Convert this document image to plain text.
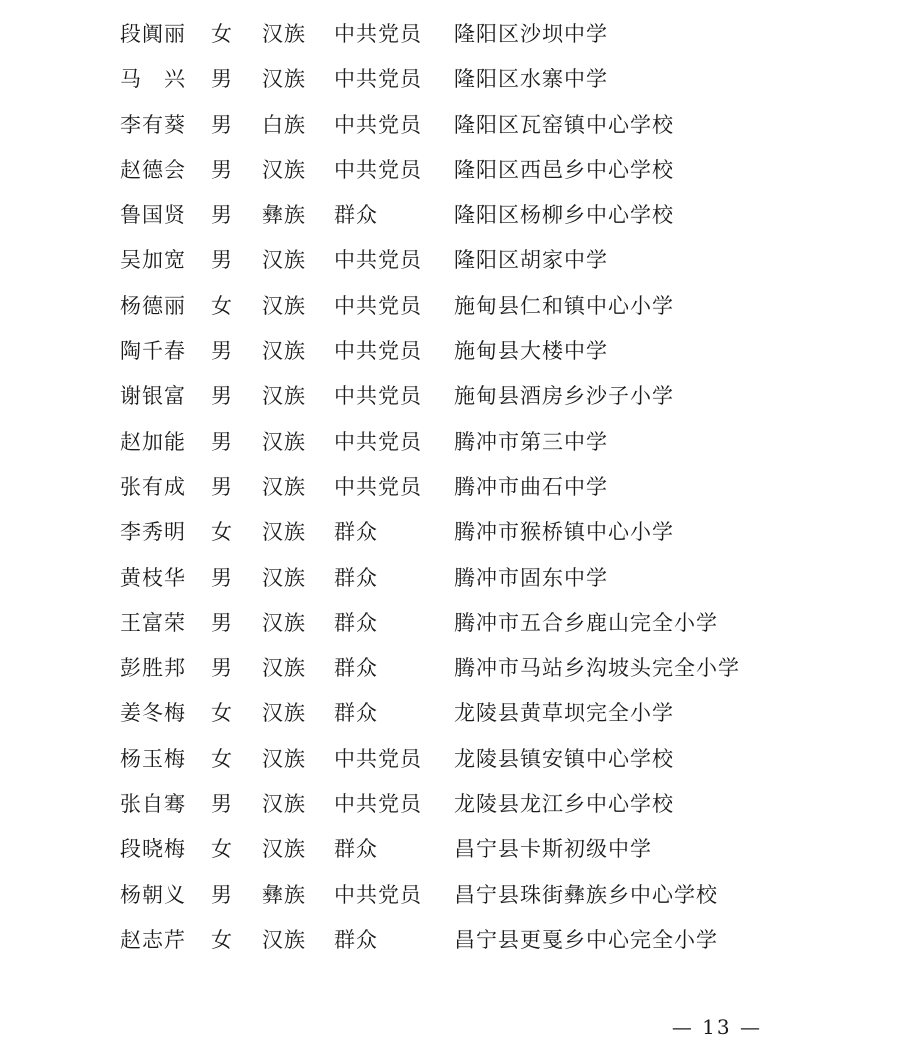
段阗丽 女 汉族 中共党员 隆阳区沙坝中学
马　兴 男 汉族 中共党员 隆阳区水寨中学
李有葵 男 白族 中共党员 隆阳区瓦窑镇中心学校
赵德会 男 汉族 中共党员 隆阳区西邑乡中心学校
鲁国贤 男 彝族 群众	隆阳区杨柳乡中心学校
吴加宽 男 汉族 中共党员 隆阳区胡家中学
杨德丽 女 汉族 中共党员 施甸县仁和镇中心小学
陶千春 男 汉族 中共党员 施甸县大楼中学
谢银富 男 汉族 中共党员 施甸县酒房乡沙子小学
赵加能 男 汉族 中共党员 腾冲市第三中学
张有成 男 汉族 中共党员 腾冲市曲石中学
李秀明 女 汉族 群众	腾冲市猴桥镇中心小学
黄枝华 男 汉族 群众	腾冲市固东中学
王富荣 男 汉族 群众	腾冲市五合乡鹿山完全小学
彭胜邦 男 汉族 群众	腾冲市马站乡沟坡头完全小学
姜冬梅 女 汉族 群众	龙陵县黄草坝完全小学
杨玉梅 女 汉族 中共党员 龙陵县镇安镇中心学校
张自骞 男 汉族 中共党员 龙陵县龙江乡中心学校
段晓梅 女 汉族 群众	昌宁县卡斯初级中学
杨朝义 男 彝族 中共党员 昌宁县珠街彝族乡中心学校
赵志芹 女 汉族 群众	昌宁县更戛乡中心完全小学
— 13 —
